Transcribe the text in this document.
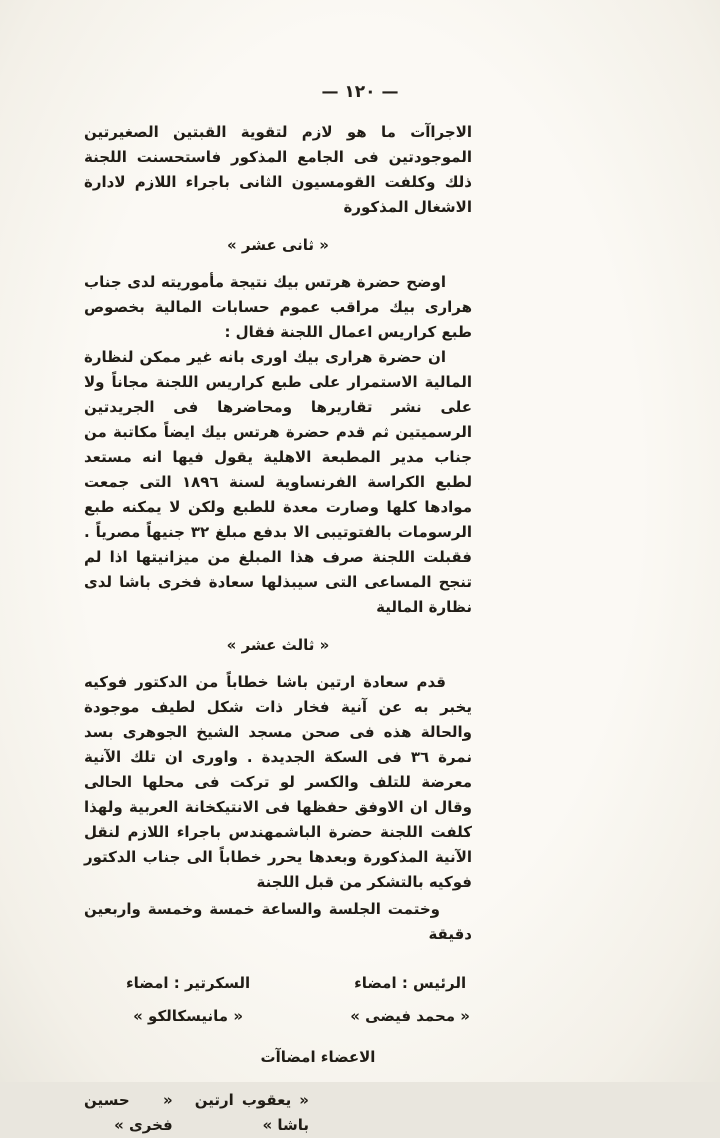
— ١٢٠ —

الاجراآت ما هو لازم لتقوية القبتين الصغيرتين الموجودتين فى الجامع المذكور فاستحسنت اللجنة ذلك وكلفت القومسيون الثانى باجراء اللازم لادارة الاشغال المذكورة

« ثانى عشر »

اوضح حضرة هرتس بيك نتيجة مأموريته لدى جناب هرارى بيك مراقب عموم حسابات المالية بخصوص طبع كراريس اعمال اللجنة فقال :

ان حضرة هرارى بيك اورى بانه غير ممكن لنظارة المالية الاستمرار على طبع كراريس اللجنة مجاناً ولا على نشر تقاريرها ومحاضرها فى الجريدتين الرسميتين ثم قدم حضرة هرتس بيك ايضاً مكاتبة من جناب مدير المطبعة الاهلية يقول فيها انه مستعد لطبع الكراسة الفرنساوية لسنة ١٨٩٦ التى جمعت موادها كلها وصارت معدة للطبع ولكن لا يمكنه طبع الرسومات بالفتوتيبى الا بدفع مبلغ ٣٢ جنيهاً مصرياً . فقبلت اللجنة صرف هذا المبلغ من ميزانيتها اذا لم تنجح المساعى التى سيبذلها سعادة فخرى باشا لدى نظارة المالية

« ثالث عشر »

قدم سعادة ارتين باشا خطاباً من الدكتور فوكيه يخبر به عن آنية فخار ذات شكل لطيف موجودة والحالة هذه فى صحن مسجد الشيخ الجوهرى بسد نمرة ٣٦ فى السكة الجديدة . واورى ان تلك الآنية معرضة للتلف والكسر لو تركت فى محلها الحالى وقال ان الاوفق حفظها فى الانتيكخانة العربية ولهذا كلفت اللجنة حضرة الباشمهندس باجراء اللازم لنقل الآنية المذكورة وبعدها يحرر خطاباً الى جناب الدكتور فوكيه بالتشكر من قبل اللجنة

وختمت الجلسة والساعة خمسة وخمسة واربعين دقيقة

الرئيس : امضاء
« محمد فيضى »
السكرتير : امضاء
« مانيسكالكو »

الاعضاء امضاآت

« يعقوب ارتين باشا »
« حسين فخرى »
